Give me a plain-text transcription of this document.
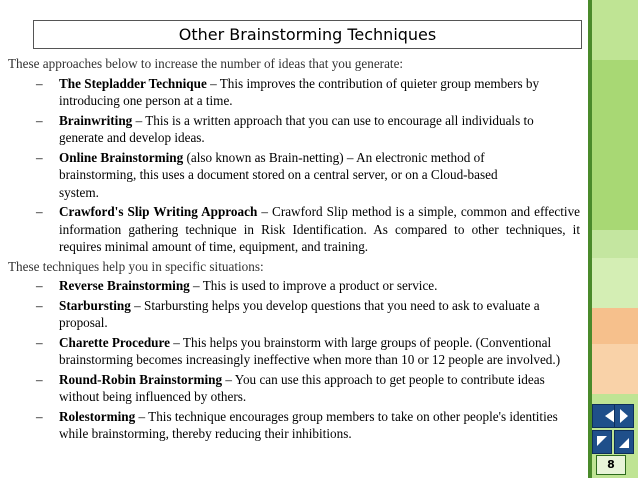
Other Brainstorming Techniques

These approaches below to increase the number of ideas that you generate:

– The Stepladder Technique – This improves the contribution of quieter group members by introducing one person at a time.
– Brainwriting – This is a written approach that you can use to encourage all individuals to generate and develop ideas.
– Online Brainstorming (also known as Brain-netting) – An electronic method of brainstorming, this uses a document stored on a central server, or on a Cloud-based system.
– Crawford's Slip Writing Approach – Crawford Slip method is a simple, common and effective information gathering technique in Risk Identification. As compared to other techniques, it requires minimal amount of time, equipment, and training.

These techniques help you in specific situations:

– Reverse Brainstorming – This is used to improve a product or service.
– Starbursting – Starbursting helps you develop questions that you need to ask to evaluate a proposal.
– Charette Procedure – This helps you brainstorm with large groups of people. (Conventional brainstorming becomes increasingly ineffective when more than 10 or 12 people are involved.)
– Round-Robin Brainstorming – You can use this approach to get people to contribute ideas without being influenced by others.
– Rolestorming – This technique encourages group members to take on other people's identities while brainstorming, thereby reducing their inhibitions.
8
